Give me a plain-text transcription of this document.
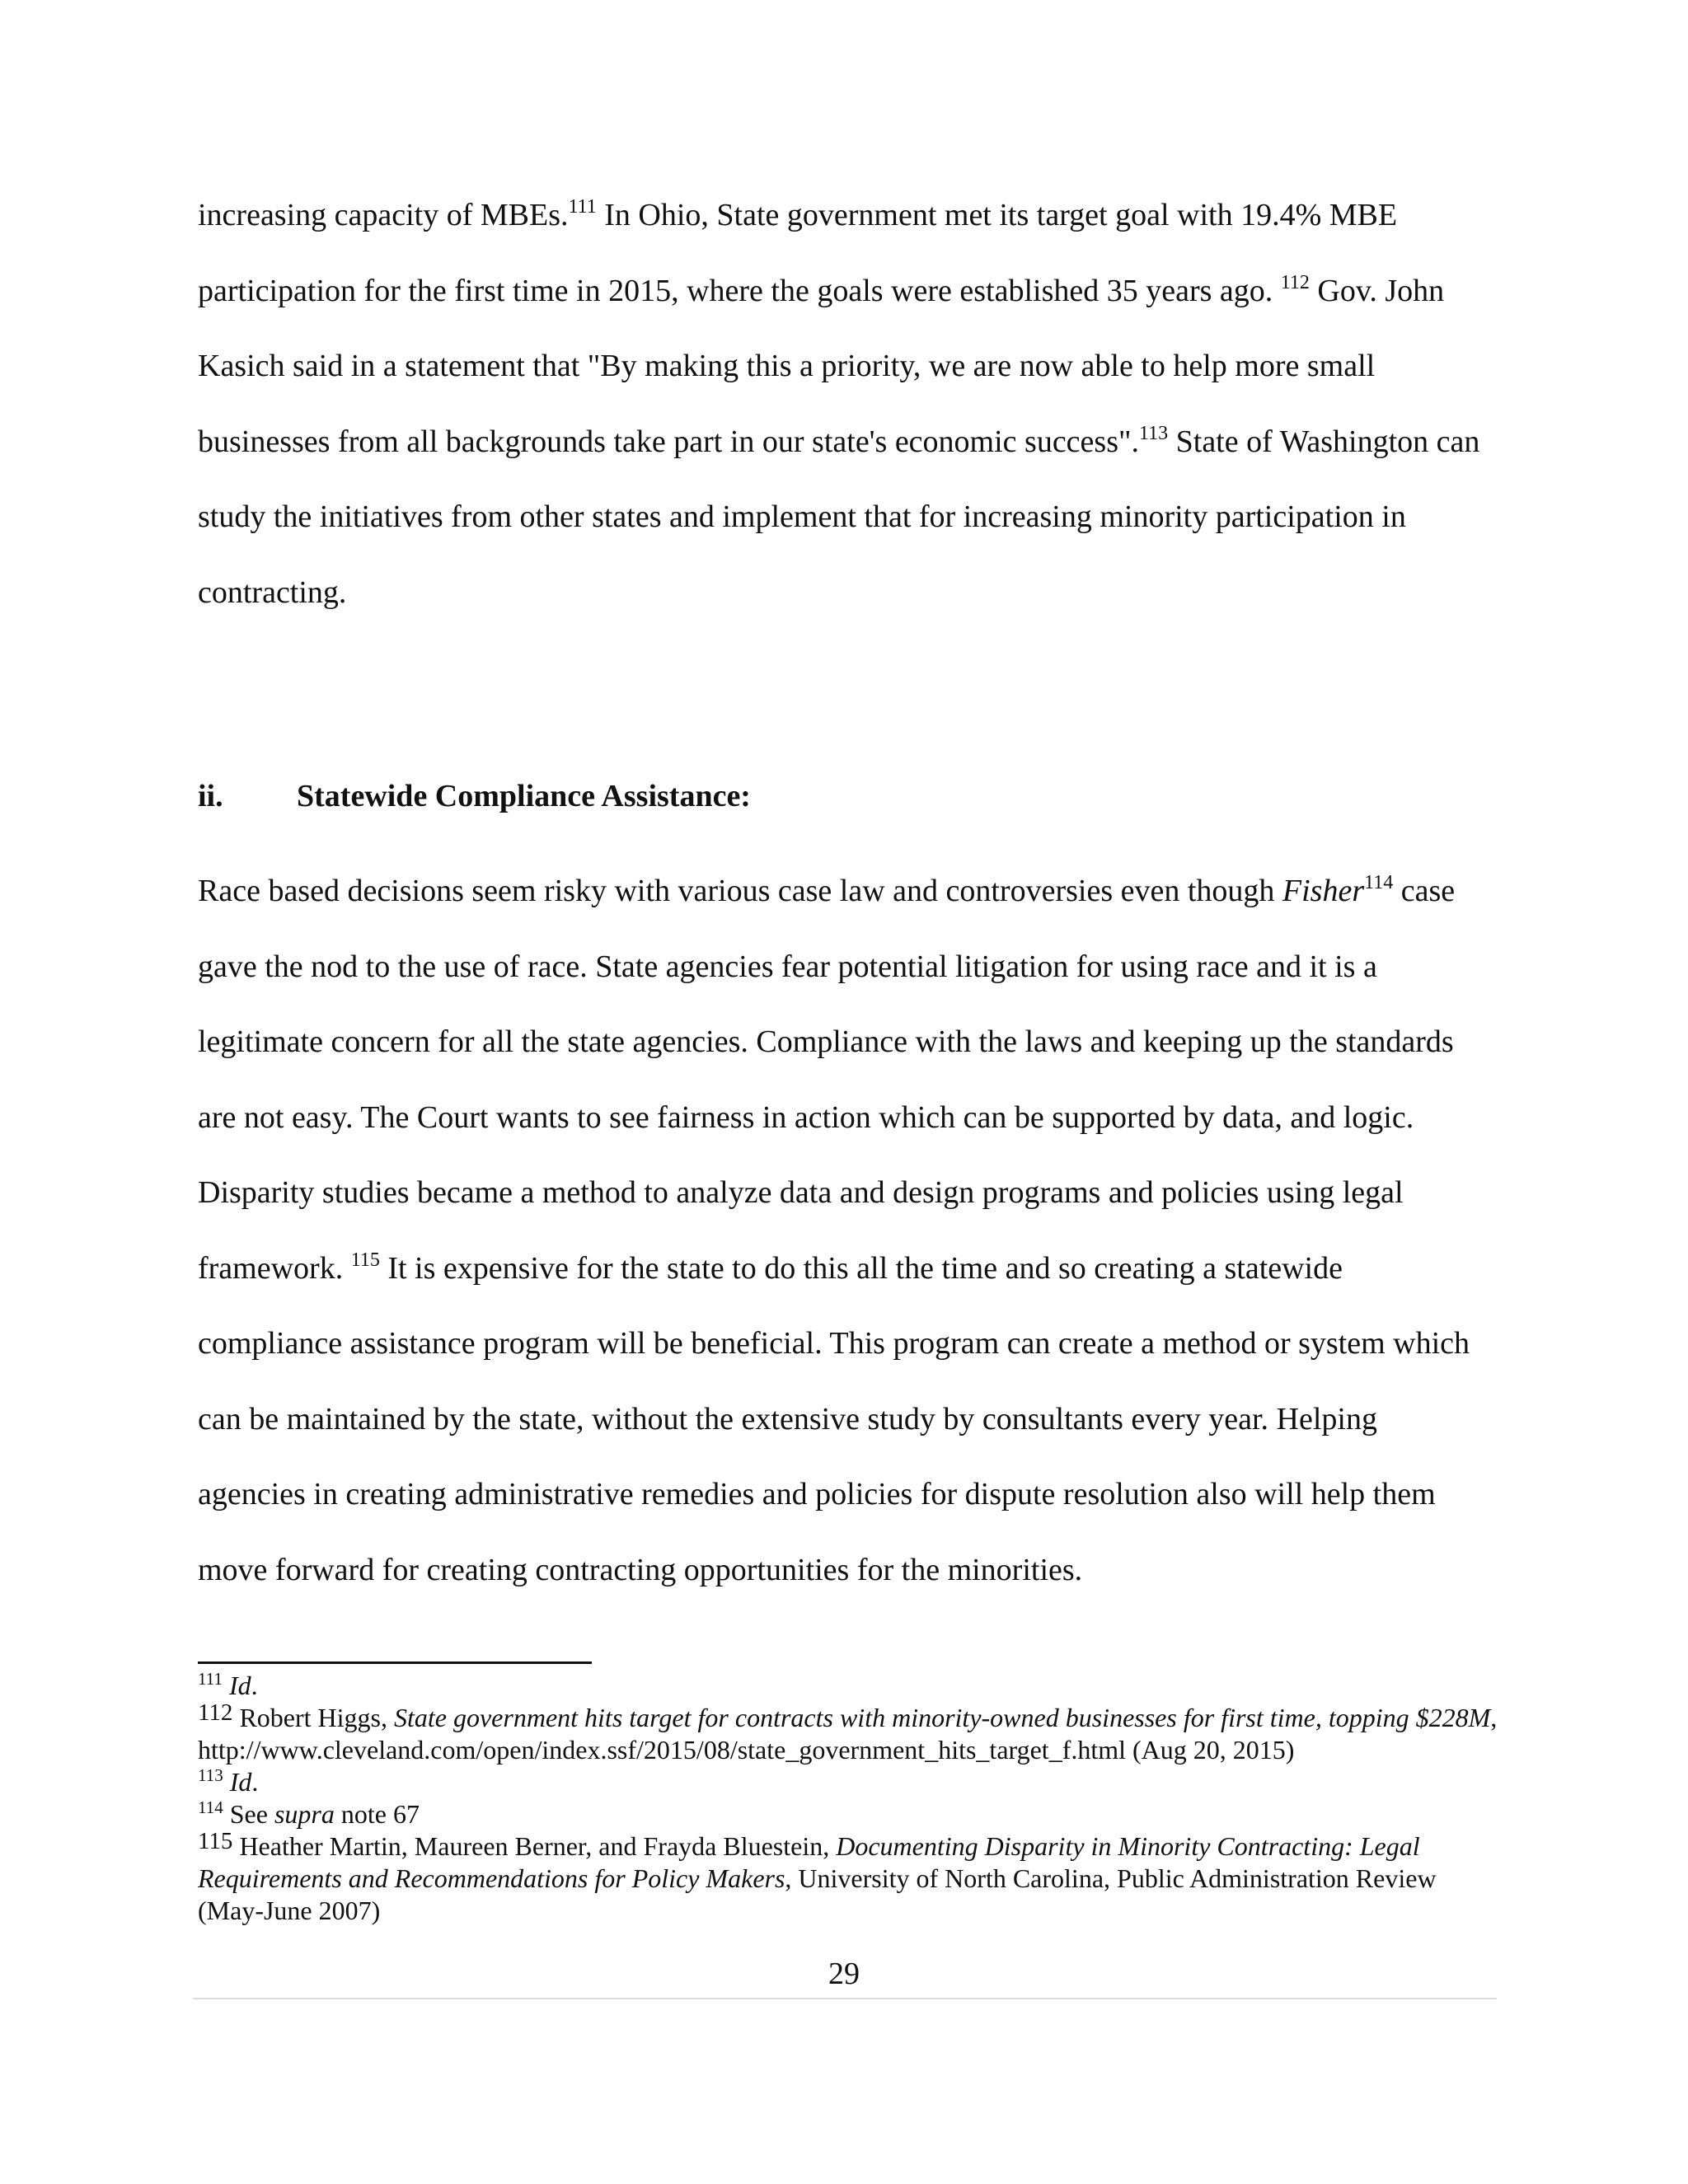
increasing capacity of MBEs.$^{111}$ In Ohio, State government met its target goal with 19.4% MBE participation for the first time in 2015, where the goals were established 35 years ago. $^{112}$ Gov. John Kasich said in a statement that "By making this a priority, we are now able to help more small businesses from all backgrounds take part in our state's economic success".$^{113}$ State of Washington can study the initiatives from other states and implement that for increasing minority participation in contracting.

ii. Statewide Compliance Assistance:

Race based decisions seem risky with various case law and controversies even though Fisher$^{114}$ case gave the nod to the use of race. State agencies fear potential litigation for using race and it is a legitimate concern for all the state agencies. Compliance with the laws and keeping up the standards are not easy. The Court wants to see fairness in action which can be supported by data, and logic. Disparity studies became a method to analyze data and design programs and policies using legal framework. $^{115}$ It is expensive for the state to do this all the time and so creating a statewide compliance assistance program will be beneficial. This program can create a method or system which can be maintained by the state, without the extensive study by consultants every year. Helping agencies in creating administrative remedies and policies for dispute resolution also will help them move forward for creating contracting opportunities for the minorities.

$^{111}$ Id.

$^{112}$ Robert Higgs, State government hits target for contracts with minority-owned businesses for first time, topping $228M, http://www.cleveland.com/open/index.ssf/2015/08/state_government_hits_target_f.html (Aug 20, 2015)

$^{113}$ Id.

$^{114}$ See supra note 67

$^{115}$ Heather Martin, Maureen Berner, and Frayda Bluestein, Documenting Disparity in Minority Contracting: Legal Requirements and Recommendations for Policy Makers, University of North Carolina, Public Administration Review (May-June 2007)

29
